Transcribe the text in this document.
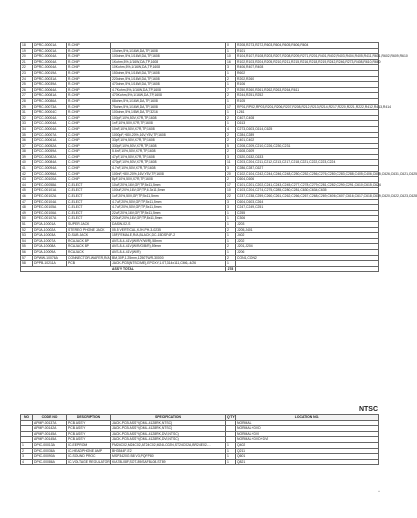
18	DPRC-00001A	R-CHIP		0	R208,R273,R272,R603,R604,R605,R606,R604
19	DPRC-00001A	R-CHIP	10ohm,5%,1/16W,DA,TP,1608	1	R101
20	DPRC-00004A	R-CHIP	100ohm,5%,1/16W,DA,TP,1608	10	R104,R107,R108,R203,R207,R208,R209,R271,R201,R401,R402,R403,R404,R405,R411,R601,R602,R609,R610
21	DPRC-00004A	R-CHIP	1Kohm,5%,1/16W,DA,TP,1608	16	R102,R103,R204,R205,R210,R211,R215,R216,R218,R219,R242,R246,R273,R408,R610,R660
22	DPRC-00004A	R-CHIP	10Kohm,5%,1/16W,DA,TP,1608	3	R406,R407,R408
23	DPRC-00019A	R-CHIP	150ohm,5%,1/16W,DA,TP,1608	1	R602
24	DPRC-00031A	R-CHIP	220ohm,5%,1/16W,DA,TP,1608	2	R202,R260
25	DPRC-00039A	R-CHIP	470ohm,5%,1/16W,DA,TP,1608	1	R106
26	DPRC-00064A	R-CHIP	4.7Kohm,5%,1/16W,DA,TP,1608	7	R250,R260,R261,R262,R263,R264,R611
27	DPRC-00081A	R-CHIP	470Kohm,5%,1/16W,DA,TP,1608	2	R244,R251,R252
28	DPRC-00086A	R-CHIP	68ohm,5%,1/16W,DA,TP,1608	1	R105
29	DPRC-00073A	R-CHIP	75ohm,5%,1/16W,DA,TP,1608	17	RP01,RP02,RP03,R201,R206,R207,R208,R212,R213,R214,R217,R220,R221,R222,R412,R413,R414
31	DPRC-00004C	R-CHIP	100ohm,5%,1/8W,DA,TP,3216	1	L261
32	DPCC-00004A	C-CHIP	100pF,10%,50V,X7R,TP,1608	2	C407,C408
33	DPCC-00004A	C-CHIP	1nF,10%,50V,X7R,TP,1608	1	C613
34	DPCC-00004A	C-CHIP	10nF,10%,50V,X7R,TP,1608	4	C273,C603,C614,C625
35	DPCC-00007A	C-CHIP	1000pF,+80/-20%,16V,Y5V,TP,1608	2	C284,C289
36	DPCC-00061A	C-CHIP	33pF,10%,50V,X7R,TP,1608	2	C401,C402
37	DPCC-00052A	C-CHIP	330pF,10%,50V,X7R,TP,1608	5	C208,C209,C210,C226,C230,C231
38	DPCC-00059A	C-CHIP	5.6nF,10%,50V,X7R,TP,1608	2	C608,C609
39	DPCC-00082A	C-CHIP	47pF,10%,50V,X7R,TP,1608	3	C520,C632,C633
40	DPCC-00084A	C-CHIP	470pF,10%,50V,X7R,TP,1608	11	C203,C204,C211,C212,C213,C217,C218,C221,C222,C223,C224
41	DPCC-00094A	C-CHIP	4.7nF,10%,50V,X7R,TP,1608	3	C286,C287,C627
42	DPCC-00096A	C-CHIP	100nF,+80/-20%,16V,Y5V,TP,1608	20	C102,C104,C242,C244,C246,C248,C250,C252,C256,C276,C280,C283,C288,C405,C406,C605,C626,C631,C621,C625
43	DPCC-00100A	C-CHIP	8pF,10%,50V,X7R,TP,1608	2	C604,C606
44	DPEC-00058A	C-ELECT	10uF,20%,16V,GP,TP,5x11,5mm	17	C101,C201,C202,C241,C243,C245,C277,C278,C279,C281,C282,C290,C291,C610,C615,C624
45	DPEC-00101A	C-ELECT	100uF,20%,16V,GP,TP,6.3x11,5mm	10	C103,C204,C274,C275,C285,C280,C281,C630,C634,C635
46	DPEC-00102A	C-ELECT	1uF,20%,50V,GP,TP,5x11,5mm	22	C237,C238,C259,C260,C261,C262,C266,C267,C268,C269,C606,C607,C616,C617,C618,C619,C620,C622,C623,C628
47	DPEC-00104A	C-ELECT	4.7uF,20%,50V,GP,TP,5x11,5mm	3	C604,C603,C264
48	DPEC-00105A	C-ELECT	4.7uF,20%,50V,GP,TP,5x11,5mm	3	C247,C249,C251
49	DPEC-00106A	C-ELECT	22uF,20%,16V,GP,TP,5x11,5mm	1	C255
50	DPEC-00107A	C-ELECT	220uF,20%,16V,GP,TP,8x11,5mm	1	C306
51	DPJA-10001A	SUPER JACK	DASW-02-S	1	J203
52	DPJA-10002A	STEREO PHONE JACK	05.5 VERTICAL,KJH-PH-3-0235	2	J205,J401
53	DPJA-10003A	D-SUB JACK	15F,FEMALE,R/A,BLACK,DC-15DSF4F-2	1	J402
54	DPJA-10007A	RCAJACK 8P	AVS-8-4-41V(W/R/Y/W/R),58mm	1	J202
55	DPJA-10008A	RCAJACK 8P	AVS-8-4-41V(W/R/G/B/R),59mm	2	J201,J204
56	DPJA-10009A	RCAJACK	AVS-8-4-41V(W/R)	1	J206
57	DPWW-10076A	CONNECTOR-WAFER,R/A	BM,30P,1.25mm,1250TWR-30000	2	CON1,CON2
58	DPPB-10211A	PCB	JACK-PCB(NTSC/ME),EPOXY,1.0T,314x111,CM6,-4/26	1	
ASS'Y TOTAL				278	
NTSC
NO	CODE NO	DESCRIPTION	SPECIFICATION	Q'TY	LOCATION NO.
	APMP-00137A	PCB ASS'Y	JACK-PCB ASS'Y(DML-4128RK,NTSC)		NORMAL
	APMP-00142A	PCB ASS'Y	JACK-PCB ASS'Y(DML-4128RK,NTSC)		NORMAL+DVD
	APMP-00145A	PCB ASS'Y	JACK-PCB ASS'Y(DML-4128RK,DVI,NTSC)		NORMAL+DVI
	APMP-00145A	PCB ASS'Y	JACK-PCB ASS'Y(DML-4128RK,DVI,NTSC)		NORMAL+DVD+DVI
1	DPIC-00013A	IC-EEPROM	FM24C02,M24C02,AT24C02,M24LC02N,ST24C02A,BR24E02-...	1	Q402
2	DPIC-00036A	IC-HEADPHONE AMP	BH3544F-E2	1	Q211
3	DPIC-00090A	IC-SOUND PROC	MSP3420G B8 V3,PQFP80	1	Q601
4	DPIC-00086A	IC-VOLTAGE REGULATOR	KIA78L08F,SOT-89/SAF8L08-ST89	1	Q821
ᐩ
